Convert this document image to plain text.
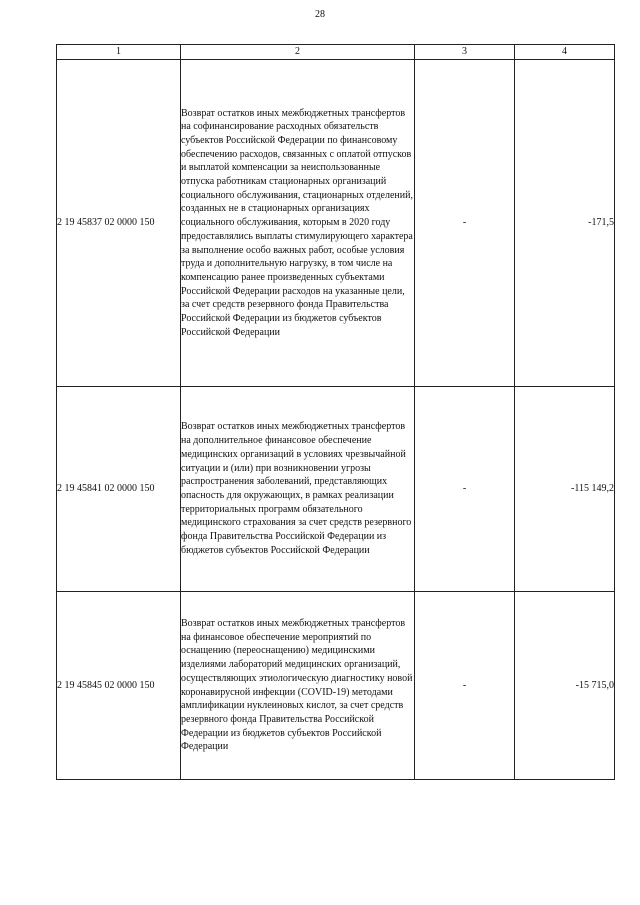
28
1	2	3	4
2 19 45837 02 0000 150	Возврат остатков иных межбюджетных трансфертов на софинансирование расходных обязательств субъектов Российской Федерации по финансовому обеспечению расходов, связанных с оплатой отпусков и выплатой компенсации за неиспользованные отпуска работникам стационарных организаций социального обслуживания, стационарных отделений, созданных не в стационарных организациях социального обслуживания, которым в 2020 году предоставлялись выплаты стимулирующего характера за выполнение особо важных работ, особые условия труда и дополнительную нагрузку, в том числе на компенсацию ранее произведенных субъектами Российской Федерации расходов на указанные цели, за счет средств резервного фонда Правительства Российской Федерации из бюджетов субъектов Российской Федерации	-	-171,5
2 19 45841 02 0000 150	Возврат остатков иных межбюджетных трансфертов на дополнительное финансовое обеспечение медицинских организаций в условиях чрезвычайной ситуации и (или) при возникновении угрозы распространения заболеваний, представляющих опасность для окружающих, в рамках реализации территориальных программ обязательного медицинского страхования за счет средств резервного фонда Правительства Российской Федерации из бюджетов субъектов Российской Федерации	-	-115 149,2
2 19 45845 02 0000 150	Возврат остатков иных межбюджетных трансфертов на финансовое обеспечение мероприятий по оснащению (переоснащению) медицинскими изделиями лабораторий медицинских организаций, осуществляющих этиологическую диагностику новой коронавирусной инфекции (COVID-19) методами амплификации нуклеиновых кислот, за счет средств резервного фонда Правительства Российской Федерации из бюджетов субъектов Российской Федерации	-	-15 715,0
